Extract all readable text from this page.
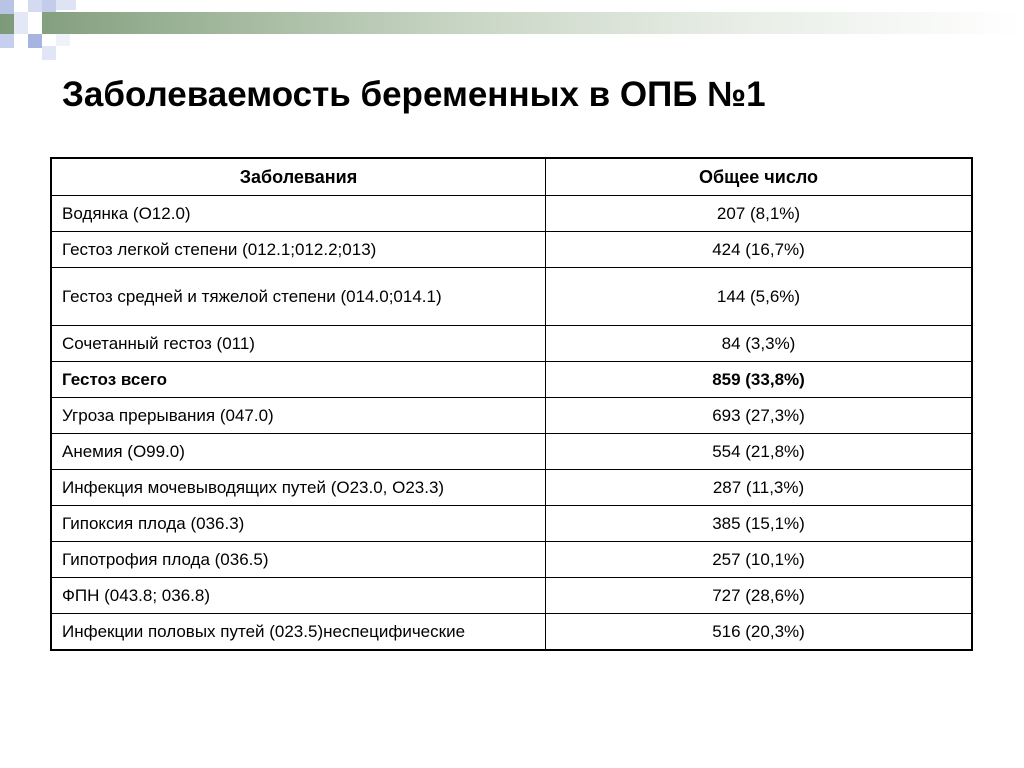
Заболеваемость беременных в ОПБ №1
Заболевания	Общее число
Водянка (О12.0)	207 (8,1%)
Гестоз легкой степени (012.1;012.2;013)	424 (16,7%)
Гестоз средней и тяжелой степени (014.0;014.1)	144 (5,6%)
Сочетанный гестоз (011)	84 (3,3%)
Гестоз всего	859 (33,8%)
Угроза прерывания (047.0)	693 (27,3%)
Анемия (О99.0)	554 (21,8%)
Инфекция мочевыводящих путей (О23.0, О23.3)	287 (11,3%)
Гипоксия плода (036.3)	385 (15,1%)
Гипотрофия плода (036.5)	257 (10,1%)
ФПН (043.8; 036.8)	727 (28,6%)
Инфекции половых путей (023.5)неспецифические	516 (20,3%)
